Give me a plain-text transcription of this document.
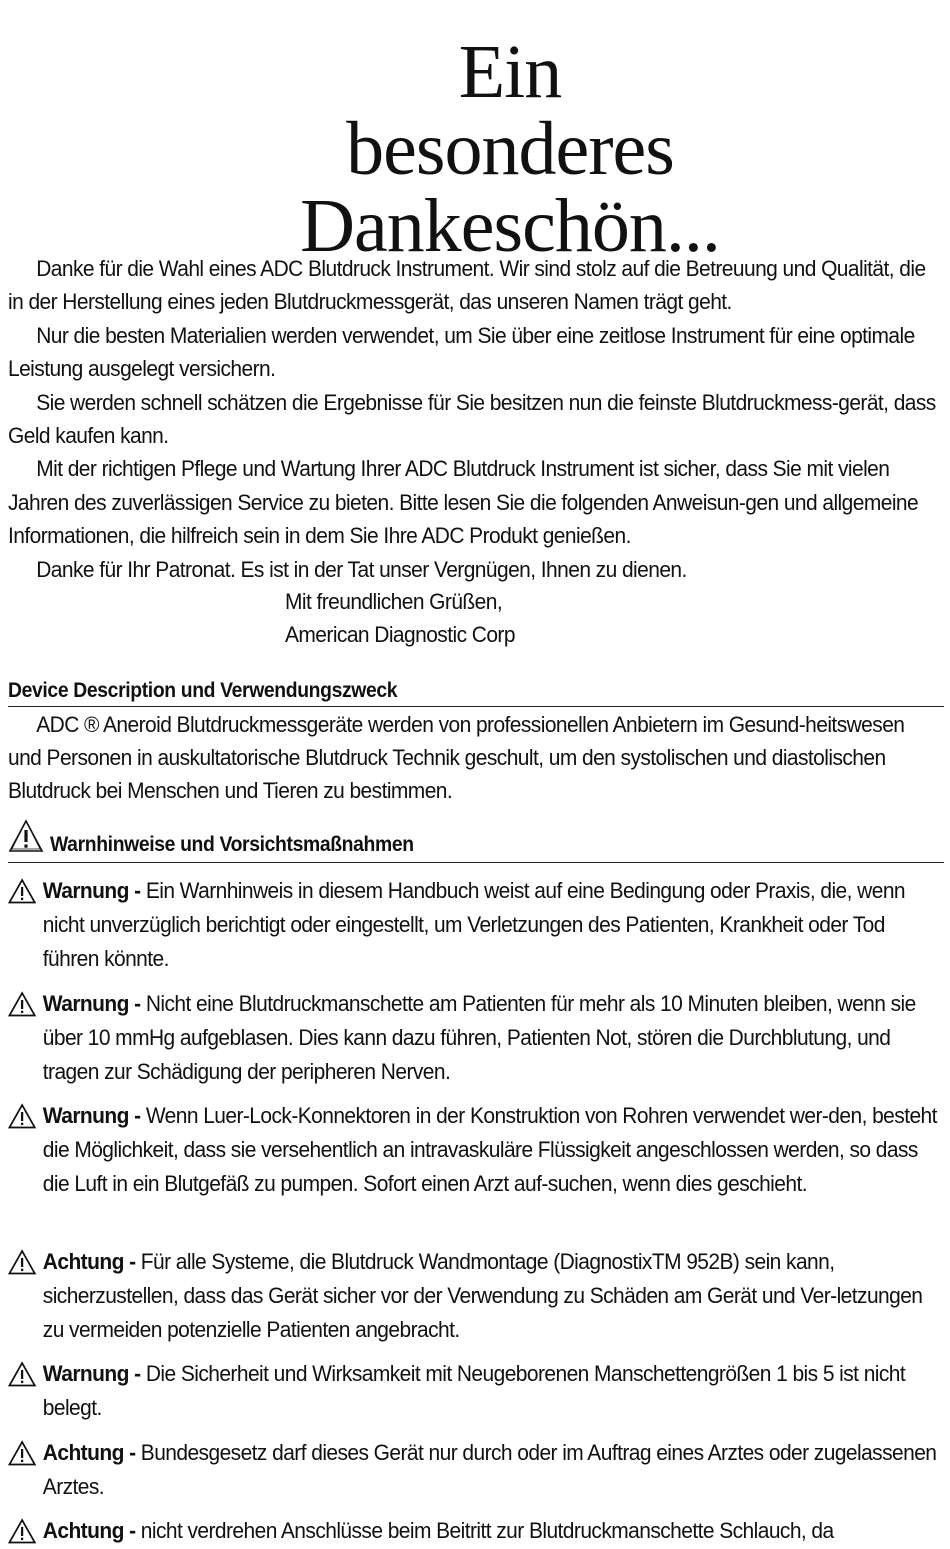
Ein
besonderes
Dankeschön...

Danke für die Wahl eines ADC Blutdruck Instrument. Wir sind stolz auf die Betreuung und Qualität, die in der Herstellung eines jeden Blutdruckmessgerät, das unseren Namen trägt geht.

Nur die besten Materialien werden verwendet, um Sie über eine zeitlose Instrument für eine optimale Leistung ausgelegt versichern.

Sie werden schnell schätzen die Ergebnisse für Sie besitzen nun die feinste Blutdruckmess-gerät, dass Geld kaufen kann.

Mit der richtigen Pflege und Wartung Ihrer ADC Blutdruck Instrument ist sicher, dass Sie mit vielen Jahren des zuverlässigen Service zu bieten. Bitte lesen Sie die folgenden Anweisun-gen und allgemeine Informationen, die hilfreich sein in dem Sie Ihre ADC Produkt genießen.

Danke für Ihr Patronat. Es ist in der Tat unser Vergnügen, Ihnen zu dienen.

Mit freundlichen Grüßen,
American Diagnostic Corp
Device Description und Verwendungszweck

ADC ® Aneroid Blutdruckmessgeräte werden von professionellen Anbietern im Gesund-heitswesen und Personen in auskultatorische Blutdruck Technik geschult, um den systolischen und diastolischen Blutdruck bei Menschen und Tieren zu bestimmen.

Warnhinweise und Vorsichtsmaßnahmen
Warnung - Ein Warnhinweis in diesem Handbuch weist auf eine Bedingung oder Praxis, die, wenn nicht unverzüglich berichtigt oder eingestellt, um Verletzungen des Patienten, Krankheit oder Tod führen könnte.
Warnung - Nicht eine Blutdruckmanschette am Patienten für mehr als 10 Minuten bleiben, wenn sie über 10 mmHg aufgeblasen. Dies kann dazu führen, Patienten Not, stören die Durchblutung, und tragen zur Schädigung der peripheren Nerven.
Warnung - Wenn Luer-Lock-Konnektoren in der Konstruktion von Rohren verwendet wer-den, besteht die Möglichkeit, dass sie versehentlich an intravaskuläre Flüssigkeit angeschlossen werden, so dass die Luft in ein Blutgefäß zu pumpen. Sofort einen Arzt auf-suchen, wenn dies geschieht.
Achtung - Für alle Systeme, die Blutdruck Wandmontage (DiagnostixTM 952B) sein kann, sicherzustellen, dass das Gerät sicher vor der Verwendung zu Schäden am Gerät und Ver-letzungen zu vermeiden potenzielle Patienten angebracht.
Warnung - Die Sicherheit und Wirksamkeit mit Neugeborenen Manschettengrößen 1 bis 5 ist nicht belegt.
Achtung - Bundesgesetz darf dieses Gerät nur durch oder im Auftrag eines Arztes oder zugelassenen Arztes.
Achtung - nicht verdrehen Anschlüsse beim Beitritt zur Blutdruckmanschette Schlauch, da
